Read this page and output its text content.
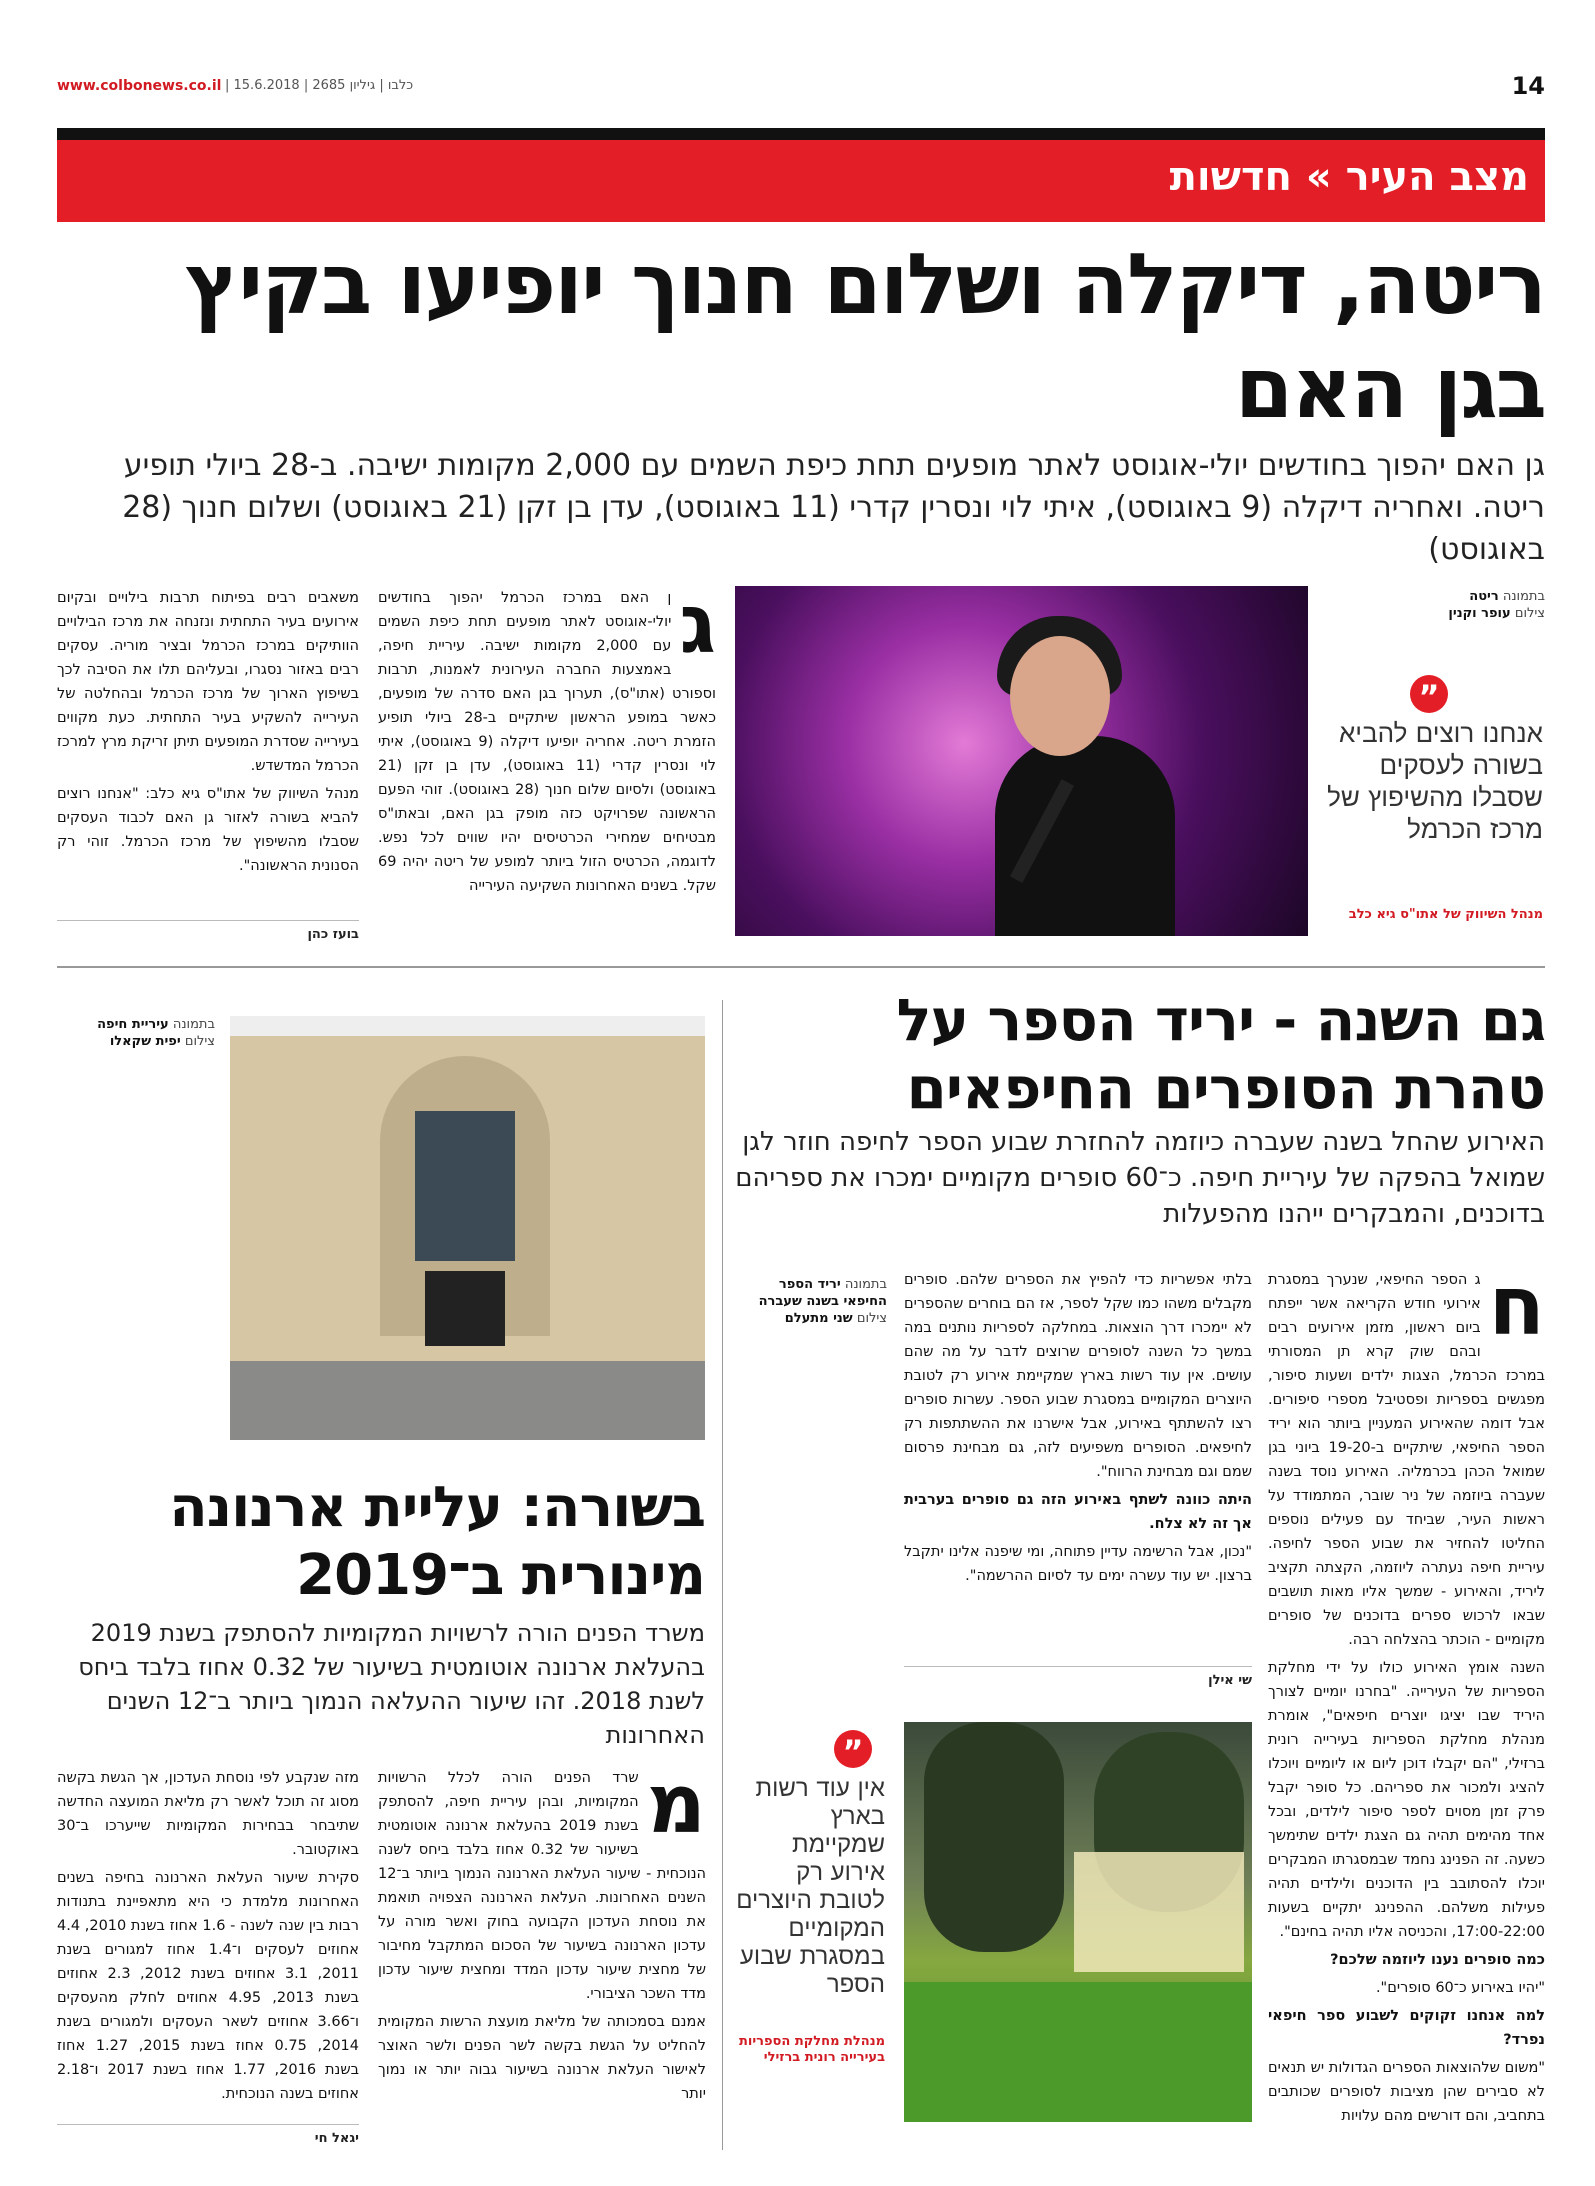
www.colbonews.co.il | כלבו | גיליון 2685 | 15.6.2018	14
מצב העיר » חדשות
ריטה, דיקלה ושלום חנוך יופיעו בקיץ בגן האם
גן האם יהפוך בחודשים יולי-אוגוסט לאתר מופעים תחת כיפת השמים עם 2,000 מקומות ישיבה. ב-28 ביולי תופיע ריטה. ואחריה דיקלה (9 באוגוסט), איתי לוי ונסרין קדרי (11 באוגוסט), עדן בן זקן (21 באוגוסט) ושלום חנוך (28 באוגוסט)
בתמונה ריטה
צילום עופר וקנין
”
אנחנו רוצים להביא בשורה לעסקים שסבלו מהשיפוץ של מרכז הכרמל
מנהל השיווק של אתו"ס גיא כלב
ג
ן האם במרכז הכרמל יהפוך בחודשים יולי-אוגוסט לאתר מופעים תחת כיפת השמים עם 2,000 מקומות ישיבה. עיריית חיפה, באמצעות החברה העירונית לאמנות, תרבות וספורט (אתו"ס), תערוך בגן האם סדרה של מופעים, כאשר במופע הראשון שיתקיים ב-28 ביולי תופיע הזמרת ריטה. אחריה יופיעו דיקלה (9 באוגוסט), איתי לוי ונסרין קדרי (11 באוגוסט), עדן בן זקן (21 באוגוסט) ולסיום שלום חנוך (28 באוגוסט). זוהי הפעם הראשונה שפרויקט כזה מופק בגן האם, ובאתו"ס מבטיחים שמחירי הכרטיסים יהיו שווים לכל נפש. לדוגמה, הכרטיס הזול ביותר למופע של ריטה יהיה 69 שקל. בשנים האחרונות השקיעה העירייה

משאבים רבים בפיתוח תרבות בילויים ובקיום אירועים בעיר התחתית ונזנחה את מרכז הבילויים הוותיקים במרכז הכרמל ובציר מוריה. עסקים רבים באזור נסגרו, ובעליהם תלו את הסיבה לכך בשיפוץ הארוך של מרכז הכרמל ובהחלטה של העירייה להשקיע בעיר התחתית. כעת מקווים בעירייה שסדרת המופעים תיתן זריקת מרץ למרכז הכרמל המדשדש.

מנהל השיווק של אתו"ס גיא כלב: "אנחנו רוצים להביא בשורה לאזור גן האם לכבוד העסקים שסבלו מהשיפוץ של מרכז הכרמל. זוהי רק הסנונית הראשונה".

בועז כהן
גם השנה - יריד הספר על טהרת הסופרים החיפאים
האירוע שהחל בשנה שעברה כיוזמה להחזרת שבוע הספר לחיפה חוזר לגן שמואל בהפקה של עיריית חיפה. כ־60 סופרים מקומיים ימכרו את ספריהם בדוכנים, והמבקרים ייהנו מהפעלות
ח

ג הספר החיפאי, שנערך במסגרת אירועי חודש הקריאה אשר ייפתח ביום ראשון, מזמן אירועים רבים ובהם שוק קרא תן המסורתי במרכז הכרמל, הצגות ילדים ושעות סיפור, מפגשים בספריות ופסטיבל מספרי סיפורים. אבל דומה שהאירוע המעניין ביותר הוא יריד הספר החיפאי, שיתקיים ב-19-20 ביוני בגן שמואל הכהן בכרמליה. האירוע נוסד בשנה שעברה ביוזמה של ניר שובר, המתמודד על ראשות העיר, שביחד עם פעילים נוספים החליטו להחזיר את שבוע הספר לחיפה. עיריית חיפה נעתרה ליוזמה, הקצתה תקציב ליריד, והאירוע - שמשך אליו מאות תושבים שבאו לרכוש ספרים בדוכנים של סופרים מקומיים - הוכתר בהצלחה רבה.

השנה אומץ האירוע כולו על ידי מחלקת הספריות של העירייה. "בחרנו יומיים לצורך היריד שבו יציגו יוצרים חיפאים", אומרת מנהלת מחלקת הספריות בעירייה רונית ברזילי, "הם יקבלו דוכן ליום או ליומיים ויוכלו להציג ולמכור את ספריהם. כל סופר יקבל פרק זמן מסוים לספר סיפור לילדים, ובכל אחד מהימים תהיה גם הצגת ילדים שתימשך כשעה. זה הפנינג נחמד שבמסגרתו המבקרים יוכלו להסתובב בין הדוכנים ולילדים תהיה פעילות משלהם. ההפנינג יתקיים בשעות 17:00-22:00, והכניסה אליו תהיה בחינם".

כמה סופרים נענו ליוזמה שלכם?

"יהיו באירוע כ־60 סופרים".

למה אנחנו זקוקים לשבוע ספר חיפאי נפרד?

"משום שלהוצאות הספרים הגדולות יש תנאים לא סבירים שהן מציבות לסופרים שכותבים בתחביב, והם דורשים מהם עלויות

בלתי אפשריות כדי להפיץ את הספרים שלהם. סופרים מקבלים משהו כמו שקל לספר, אז הם בוחרים שהספרים לא יימכרו דרך הוצאות. במחלקה לספריות נותנים במה במשך כל השנה לסופרים שרוצים לדבר על מה שהם עושים. אין עוד רשות בארץ שמקיימת אירוע רק לטובת היוצרים המקומיים במסגרת שבוע הספר. עשרות סופרים רצו להשתתף באירוע, אבל אישרנו את ההשתתפות רק לחיפאים. הסופרים משפיעים לזה, גם מבחינת פרסום שמם וגם מבחינת הרווח".

היתה כוונה לשתף באירוע הזה גם סופרים בערבית אך זה לא צלח.

"נכון, אבל הרשימה עדיין פתוחה, ומי שיפנה אלינו יתקבל ברצון. יש עוד עשרה ימים עד לסיום ההרשמה".

בתמונה יריד הספר החיפאי בשנה שעברה
צילום שני מתעלם
שי אילן
”
אין עוד רשות בארץ שמקיימת אירוע רק לטובת היוצרים המקומיים במסגרת שבוע הספר
מנהלת מחלקת הספריות בעירייה רונית ברזילי
בתמונה עיריית חיפה
צילום יפית שקאלו
בשורה: עליית ארנונה מינורית ב־2019
משרד הפנים הורה לרשויות המקומיות להסתפק בשנת 2019 בהעלאת ארנונה אוטומטית בשיעור של 0.32 אחוז בלבד ביחס לשנת 2018. זהו שיעור ההעלאה הנמוך ביותר ב־12 השנים האחרונות
מ

שרד הפנים הורה לכלל הרשויות המקומיות, ובהן עיריית חיפה, להסתפק בשנת 2019 בהעלאת ארנונה אוטומטית בשיעור של 0.32 אחוז בלבד ביחס לשנה הנוכחית - שיעור העלאת הארנונה הנמוך ביותר ב־12 השנים האחרונות. העלאת הארנונה הצפויה תואמת את נוסחת העדכון הקבועה בחוק ואשר מורה על עדכון הארנונה בשיעור של הסכום המתקבל מחיבור של מחצית שיעור עדכון המדד ומחצית שיעור עדכון מדד השכר הציבורי.

אמנם בסמכותה של מליאת מועצת הרשות המקומית להחליט על הגשת בקשה לשר הפנים ולשר האוצר לאישור העלאת ארנונה בשיעור גבוה יותר או נמוך יותר

מזה שנקבע לפי נוסחת העדכון, אך הגשת בקשה מסוג זה תוכל לאשר רק מליאת המועצה החדשה שתיבחר בבחירות המקומיות שייערכו ב־30 באוקטובר.

סקירת שיעור העלאת הארנונה בחיפה בשנים האחרונות מלמדת כי היא מתאפיינת בתנודות רבות בין שנה לשנה - 1.6 אחוז בשנת 2010, 4.4 אחוזים לעסקים ו־1.4 אחוז למגורים בשנת 2011, 3.1 אחוזים בשנת 2012, 2.3 אחוזים בשנת 2013, 4.95 אחוזים לחלק מהעסקים ו־3.66 אחוזים לשאר העסקים ולמגורים בשנת 2014, 0.75 אחוז בשנת 2015, 1.27 אחוז בשנת 2016, 1.77 אחוז בשנת 2017 ו־2.18 אחוזים בשנה הנוכחית.

יגאל חי
